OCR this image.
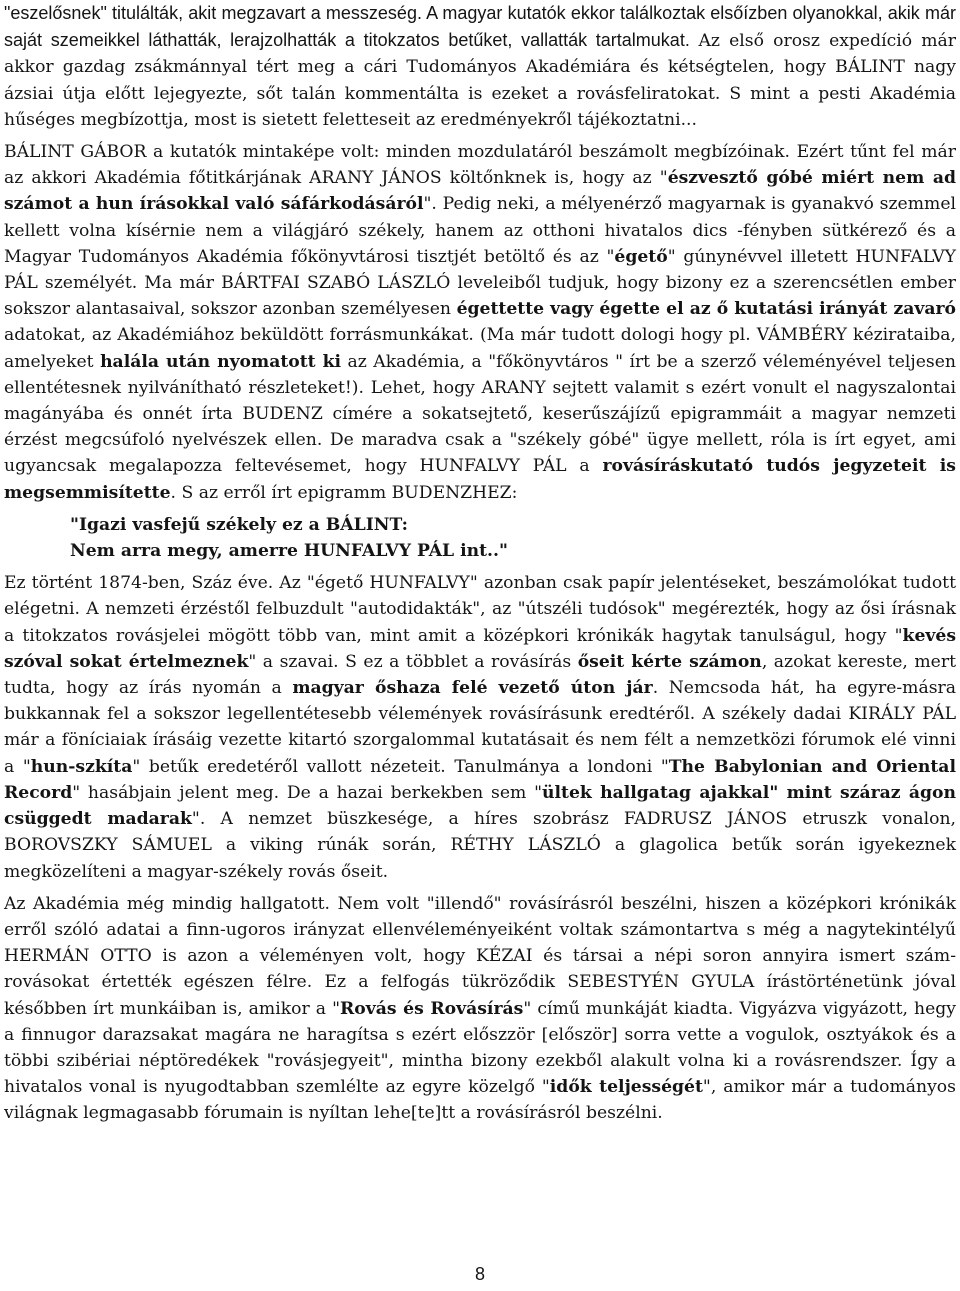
"eszelősnek" titulálták, akit megzavart a messzeség. A magyar kutatók ekkor találkoztak elsőízben olyanokkal, akik már saját szemeikkel láthatták, lerajzolhatták a titokzatos betűket, vallatták tartalmukat. Az első orosz expedíció már akkor gazdag zsákmánnyal tért meg a cári Tudományos Akadémiára és kétségtelen, hogy BÁLINT nagy ázsiai útja előtt lejegyezte, sőt talán kommentálta is ezeket a rovásfeliratokat. S mint a pesti Akadémia hűséges megbízottja, most is sietett feletteseit az eredményekről tájékoztatni...
BÁLINT GÁBOR a kutatók mintaképe volt: minden mozdulatáról beszámolt megbízóinak. Ezért tűnt fel már az akkori Akadémia főtitkárjának ARANY JÁNOS költőnknek is, hogy az "észvesztő góbé miért nem ad számot a hun írásokkal való sáfárkodásáról". Pedig neki, a mélyenérző magyarnak is gyanakvó szemmel kellett volna kísérnie nem a világjáró székely, hanem az otthoni hivatalos dics -fényben sütkérező és a Magyar Tudományos Akadémia főkönyvtárosi tisztjét betöltő és az "égető" gúnynévvel illetett HUNFALVY PÁL személyét. Ma már BÁRTFAI SZABÓ LÁSZLÓ leveleiből tudjuk, hogy bizony ez a szerencsétlen ember sokszor alantasaival, sokszor azonban személyesen égettette vagy égette el az ő kutatási irányát zavaró adatokat, az Akadémiához beküldött forrásmunkákat. (Ma már tudott dologi hogy pl. VÁMBÉRY kézirataiba, amelyeket halála után nyomatott ki az Akadémia, a "főkönyvtáros " írt be a szerző véleményével teljesen ellentétesnek nyilvánítható részleteket!). Lehet, hogy ARANY sejtett valamit s ezért vonult el nagyszalontai magányába és onnét írta BUDENZ címére a sokatsejtető, keserűszájízű epigrammáit a magyar nemzeti érzést megcsúfoló nyelvészek ellen. De maradva csak a "székely góbé" ügye mellett, róla is írt egyet, ami ugyancsak megalapozza feltevésemet, hogy HUNFALVY PÁL a rovásíráskutató tudós jegyzeteit is megsemmisítette. S az erről írt epigramm BUDENZHEZ:
"Igazi vasfejű székely ez a BÁLINT:
Nem arra megy, amerre HUNFALVY PÁL int.."
Ez történt 1874-ben, Száz éve. Az "égető HUNFALVY" azonban csak papír jelentéseket, beszámolókat tudott elégetni. A nemzeti érzéstől felbuzdult "autodidakták", az "útszéli tudósok" megérezték, hogy az ősi írásnak a titokzatos rovásjelei mögött több van, mint amit a középkori krónikák hagytak tanulságul, hogy "kevés szóval sokat értelmeznek" a szavai. S ez a többlet a rovásírás őseit kérte számon, azokat kereste, mert tudta, hogy az írás nyomán a magyar őshaza felé vezető úton jár. Nemcsoda hát, ha egyre-másra bukkannak fel a sokszor legellentétesebb vélemények rovásírásunk eredtéről. A székely dadai KIRÁLY PÁL már a föníciaiak írásáig vezette kitartó szorgalommal kutatásait és nem félt a nemzetközi fórumok elé vinni a "hun-szkíta" betűk eredetéről vallott nézeteit. Tanulmánya a londoni "The Babylonian and Oriental Record" hasábjain jelent meg. De a hazai berkekben sem "ültek hallgatag ajakkal" mint száraz ágon csüggedt madarak". A nemzet büszkesége, a híres szobrász FADRUSZ JÁNOS etruszk vonalon, BOROVSZKY SÁMUEL a viking rúnák során, RÉTHY LÁSZLÓ a glagolica betűk során igyekeznek megközelíteni a magyar-székely rovás őseit.
Az Akadémia még mindig hallgatott. Nem volt "illendő" rovásírásról beszélni, hiszen a középkori krónikák erről szóló adatai a finn-ugoros irányzat ellenvéleményeiként voltak számontartva s még a nagytekintélyű HERMÁN OTTO is azon a véleményen volt, hogy KÉZAI és társai a népi soron annyira ismert szám-rovásokat értették egészen félre. Ez a felfogás tükröződik SEBESTYÉN GYULA írástörténetünk jóval későbben írt munkáiban is, amikor a "Rovás és Rovásírás" című munkáját kiadta. Vigyázva vigyázott, hegy a finnugor darazsakat magára ne haragítsa s ezért előszzör [először] sorra vette a vogulok, osztyákok és a többi szibériai néptöredékek "rovásjegyeit", mintha bizony ezekből alakult volna ki a rovásrendszer. Így a hivatalos vonal is nyugodtabban szemlélte az egyre közelgő "idők teljességét", amikor már a tudományos világnak legmagasabb fórumain is nyíltan lehe[te]tt a rovásírásról beszélni.
8
